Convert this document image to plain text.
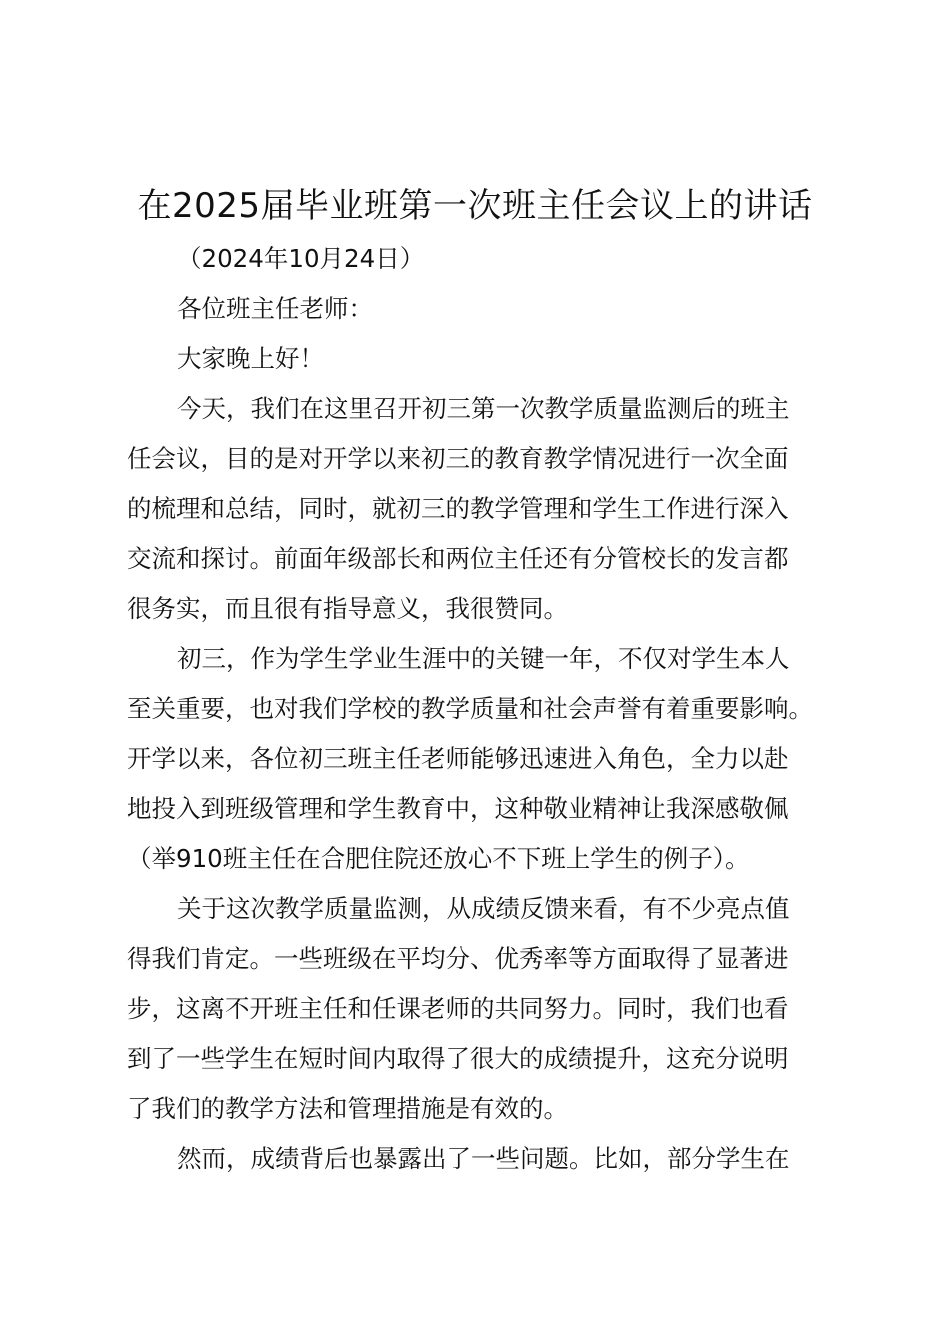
在2025届毕业班第一次班主任会议上的讲话
（2024年10月24日）
各位班主任老师：
大家晚上好！
今天，我们在这里召开初三第一次教学质量监测后的班主
任会议，目的是对开学以来初三的教育教学情况进行一次全面
的梳理和总结，同时，就初三的教学管理和学生工作进行深入
交流和探讨。前面年级部长和两位主任还有分管校长的发言都
很务实，而且很有指导意义，我很赞同。
初三，作为学生学业生涯中的关键一年，不仅对学生本人
至关重要，也对我们学校的教学质量和社会声誉有着重要影响。
开学以来，各位初三班主任老师能够迅速进入角色，全力以赴
地投入到班级管理和学生教育中，这种敬业精神让我深感敬佩
（举910班主任在合肥住院还放心不下班上学生的例子）。
关于这次教学质量监测，从成绩反馈来看，有不少亮点值
得我们肯定。一些班级在平均分、优秀率等方面取得了显著进
步，这离不开班主任和任课老师的共同努力。同时，我们也看
到了一些学生在短时间内取得了很大的成绩提升，这充分说明
了我们的教学方法和管理措施是有效的。
然而，成绩背后也暴露出了一些问题。比如，部分学生在
